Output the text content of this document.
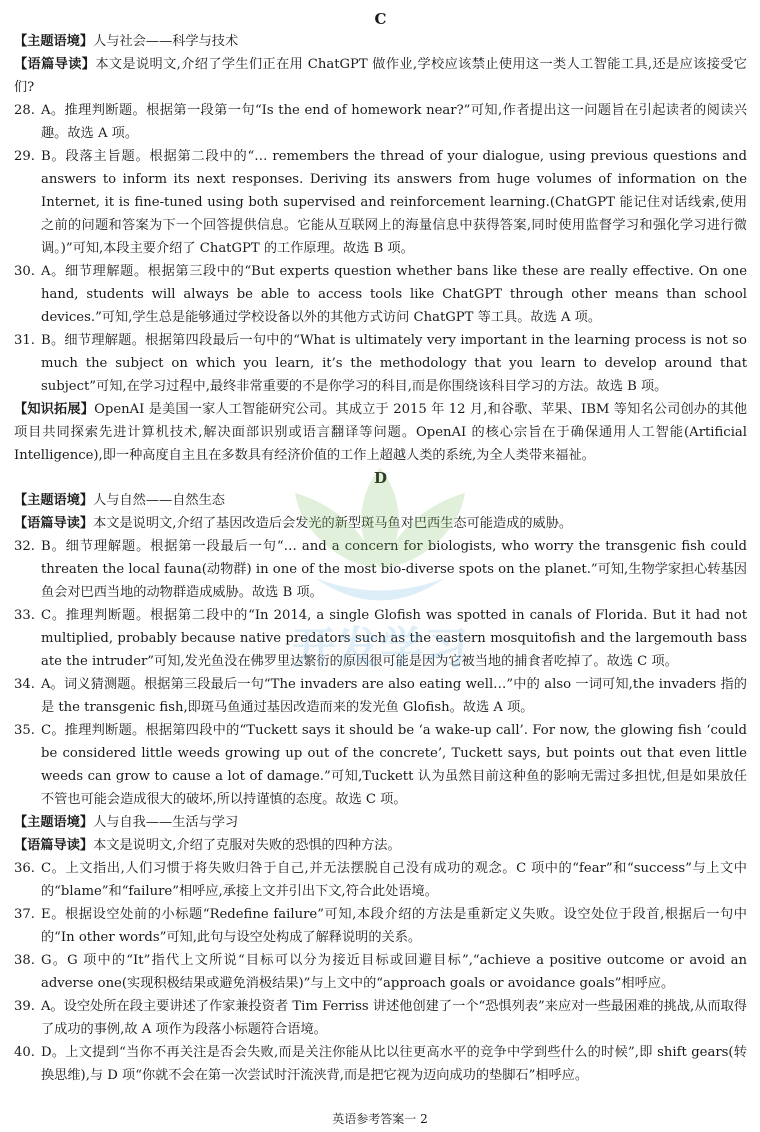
C
【主题语境】人与社会——科学与技术
【语篇导读】本文是说明文,介绍了学生们正在用 ChatGPT 做作业,学校应该禁止使用这一类人工智能工具,还是应该接受它们?
28. A。推理判断题。根据第一段第一句“Is the end of homework near?”可知,作者提出这一问题旨在引起读者的阅读兴趣。故选 A 项。
29. B。段落主旨题。根据第二段中的“… remembers the thread of your dialogue, using previous questions and answers to inform its next responses. Deriving its answers from huge volumes of information on the Internet, it is fine-tuned using both supervised and reinforcement learning.(ChatGPT 能记住对话线索,使用之前的问题和答案为下一个回答提供信息。它能从互联网上的海量信息中获得答案,同时使用监督学习和强化学习进行微调。)”可知,本段主要介绍了 ChatGPT 的工作原理。故选 B 项。
30. A。细节理解题。根据第三段中的“But experts question whether bans like these are really effective. On one hand, students will always be able to access tools like ChatGPT through other means than school devices.”可知,学生总是能够通过学校设备以外的其他方式访问 ChatGPT 等工具。故选 A 项。
31. B。细节理解题。根据第四段最后一句中的“What is ultimately very important in the learning process is not so much the subject on which you learn, it’s the methodology that you learn to develop around that subject”可知,在学习过程中,最终非常重要的不是你学习的科目,而是你围绕该科目学习的方法。故选 B 项。
【知识拓展】OpenAI 是美国一家人工智能研究公司。其成立于 2015 年 12 月,和谷歌、苹果、IBM 等知名公司创办的其他项目共同探索先进计算机技术,解决面部识别或语言翻译等问题。OpenAI 的核心宗旨在于确保通用人工智能(Artificial Intelligence),即一种高度自主且在多数具有经济价值的工作上超越人类的系统,为全人类带来福祉。
D
【主题语境】人与自然——自然生态
【语篇导读】本文是说明文,介绍了基因改造后会发光的新型斑马鱼对巴西生态可能造成的威胁。
32. B。细节理解题。根据第一段最后一句“… and a concern for biologists, who worry the transgenic fish could threaten the local fauna(动物群) in one of the most bio-diverse spots on the planet.”可知,生物学家担心转基因鱼会对巴西当地的动物群造成威胁。故选 B 项。
33. C。推理判断题。根据第二段中的“In 2014, a single Glofish was spotted in canals of Florida. But it had not multiplied, probably because native predators such as the eastern mosquitofish and the largemouth bass ate the intruder”可知,发光鱼没在佛罗里达繁衍的原因很可能是因为它被当地的捕食者吃掉了。故选 C 项。
34. A。词义猜测题。根据第三段最后一句“The invaders are also eating well…”中的 also 一词可知,the invaders 指的是 the transgenic fish,即斑马鱼通过基因改造而来的发光鱼 Glofish。故选 A 项。
35. C。推理判断题。根据第四段中的“Tuckett says it should be ‘a wake-up call’. For now, the glowing fish ‘could be considered little weeds growing up out of the concrete’, Tuckett says, but points out that even little weeds can grow to cause a lot of damage.”可知,Tuckett 认为虽然目前这种鱼的影响无需过多担忧,但是如果放任不管也可能会造成很大的破坏,所以持谨慎的态度。故选 C 项。
【主题语境】人与自我——生活与学习
【语篇导读】本文是说明文,介绍了克服对失败的恐惧的四种方法。
36. C。上文指出,人们习惯于将失败归咎于自己,并无法摆脱自己没有成功的观念。C 项中的“fear”和“success”与上文中的“blame”和“failure”相呼应,承接上文并引出下文,符合此处语境。
37. E。根据设空处前的小标题“Redefine failure”可知,本段介绍的方法是重新定义失败。设空处位于段首,根据后一句中的“In other words”可知,此句与设空处构成了解释说明的关系。
38. G。G 项中的“It”指代上文所说“目标可以分为接近目标或回避目标”,“achieve a positive outcome or avoid an adverse one(实现积极结果或避免消极结果)”与上文中的“approach goals or avoidance goals”相呼应。
39. A。设空处所在段主要讲述了作家兼投资者 Tim Ferriss 讲述他创建了一个“恐惧列表”来应对一些最困难的挑战,从而取得了成功的事例,故 A 项作为段落小标题符合语境。
40. D。上文提到“当你不再关注是否会失败,而是关注你能从比以往更高水平的竞争中学到些什么的时候”,即 shift gears(转换思维),与 D 项“你就不会在第一次尝试时汗流浃背,而是把它视为迈向成功的垫脚石”相呼应。
开发学习
英语参考答案一 2
